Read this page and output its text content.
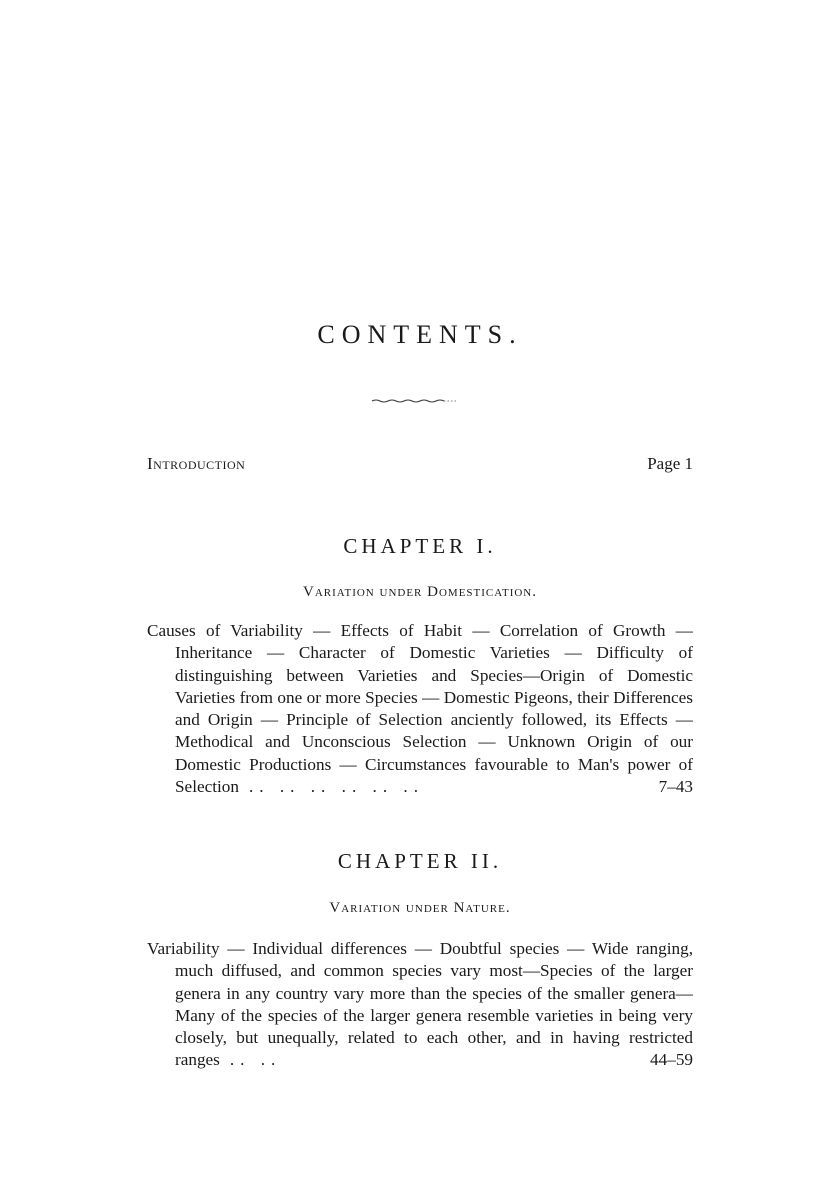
CONTENTS.
Introduction	Page 1
CHAPTER I.
Variation under Domestication.

Causes of Variability — Effects of Habit — Correlation of Growth — Inheritance — Character of Domestic Varieties — Difficulty of distinguishing between Varieties and Species—Origin of Domestic Varieties from one or more Species — Domestic Pigeons, their Differences and Origin — Principle of Selection anciently followed, its Effects — Methodical and Unconscious Selection — Unknown Origin of our Domestic Productions — Circumstances favourable to Man's power of Selection .. .. .. .. .. ..	7–43

CHAPTER II.
Variation under Nature.

Variability — Individual differences — Doubtful species — Wide ranging, much diffused, and common species vary most—Species of the larger genera in any country vary more than the species of the smaller genera—Many of the species of the larger genera resemble varieties in being very closely, but unequally, related to each other, and in having restricted ranges .. ..	44–59
